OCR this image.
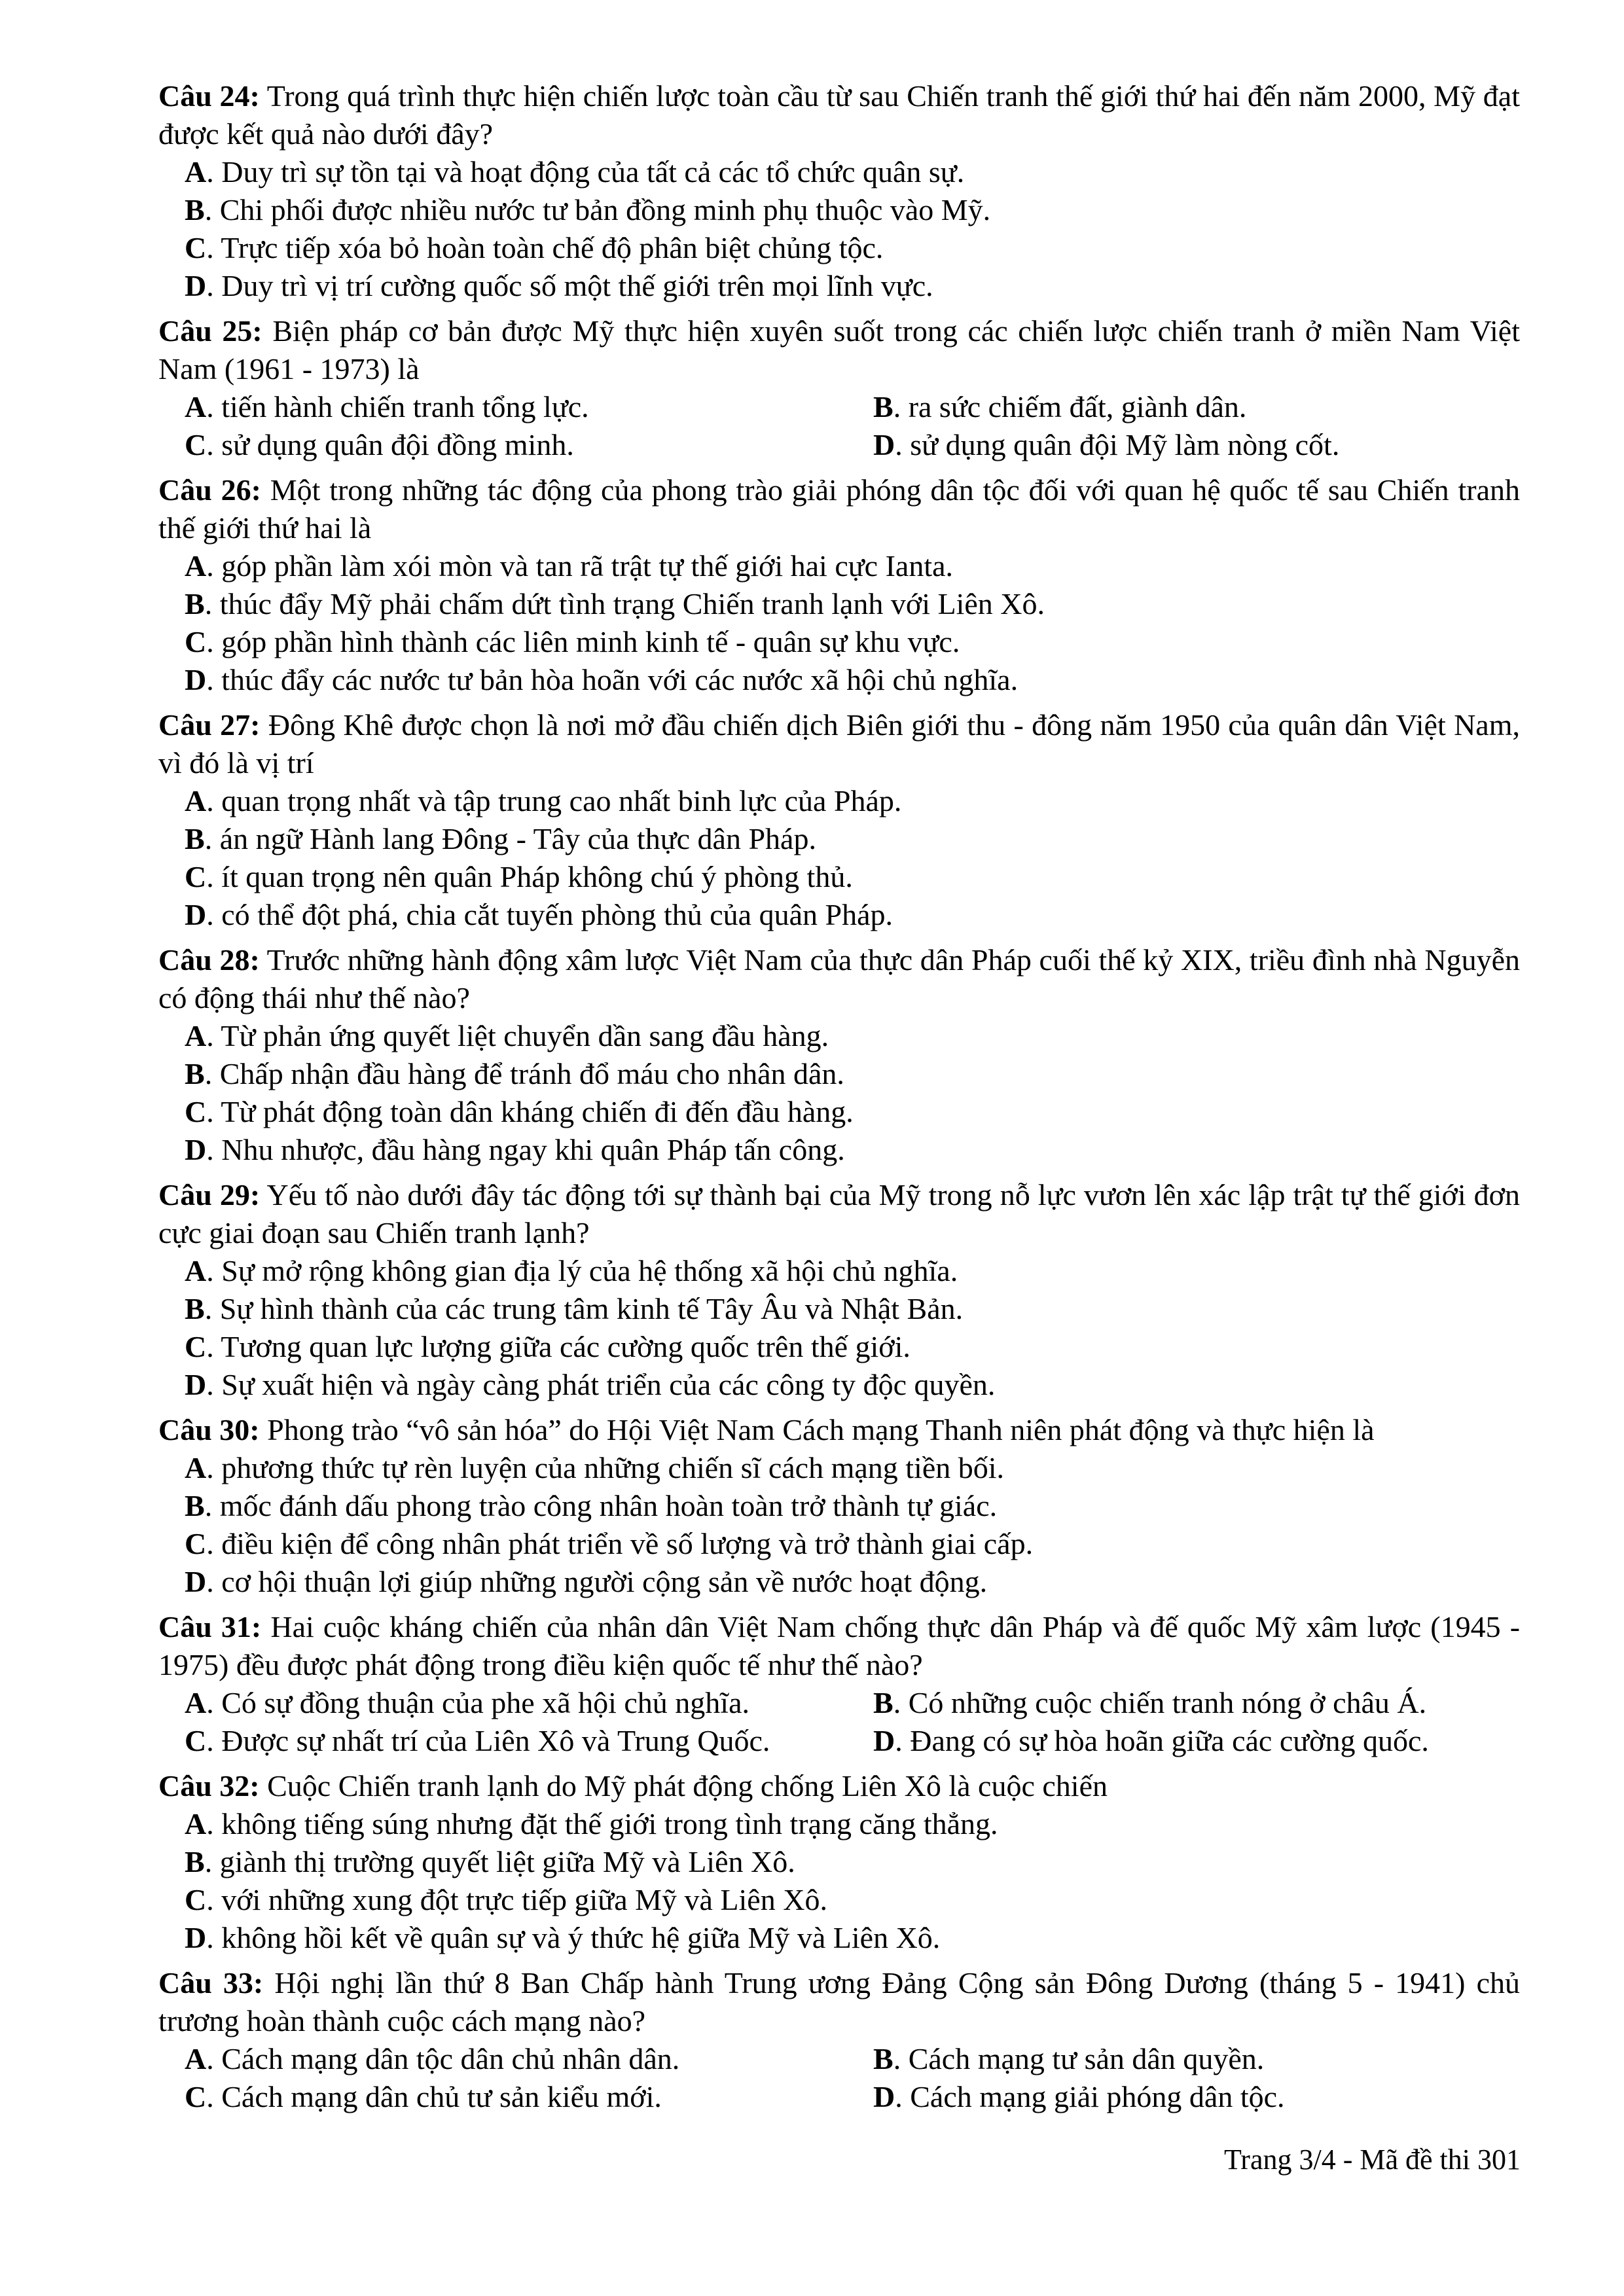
Câu 24: Trong quá trình thực hiện chiến lược toàn cầu từ sau Chiến tranh thế giới thứ hai đến năm 2000, Mỹ đạt được kết quả nào dưới đây?
A. Duy trì sự tồn tại và hoạt động của tất cả các tổ chức quân sự.
B. Chi phối được nhiều nước tư bản đồng minh phụ thuộc vào Mỹ.
C. Trực tiếp xóa bỏ hoàn toàn chế độ phân biệt chủng tộc.
D. Duy trì vị trí cường quốc số một thế giới trên mọi lĩnh vực.
Câu 25: Biện pháp cơ bản được Mỹ thực hiện xuyên suốt trong các chiến lược chiến tranh ở miền Nam Việt Nam (1961 - 1973) là
A. tiến hành chiến tranh tổng lực.	B. ra sức chiếm đất, giành dân.
C. sử dụng quân đội đồng minh.	D. sử dụng quân đội Mỹ làm nòng cốt.
Câu 26: Một trong những tác động của phong trào giải phóng dân tộc đối với quan hệ quốc tế sau Chiến tranh thế giới thứ hai là
A. góp phần làm xói mòn và tan rã trật tự thế giới hai cực Ianta.
B. thúc đẩy Mỹ phải chấm dứt tình trạng Chiến tranh lạnh với Liên Xô.
C. góp phần hình thành các liên minh kinh tế - quân sự khu vực.
D. thúc đẩy các nước tư bản hòa hoãn với các nước xã hội chủ nghĩa.
Câu 27: Đông Khê được chọn là nơi mở đầu chiến dịch Biên giới thu - đông năm 1950 của quân dân Việt Nam, vì đó là vị trí
A. quan trọng nhất và tập trung cao nhất binh lực của Pháp.
B. án ngữ Hành lang Đông - Tây của thực dân Pháp.
C. ít quan trọng nên quân Pháp không chú ý phòng thủ.
D. có thể đột phá, chia cắt tuyến phòng thủ của quân Pháp.
Câu 28: Trước những hành động xâm lược Việt Nam của thực dân Pháp cuối thế kỷ XIX, triều đình nhà Nguyễn có động thái như thế nào?
A. Từ phản ứng quyết liệt chuyển dần sang đầu hàng.
B. Chấp nhận đầu hàng để tránh đổ máu cho nhân dân.
C. Từ phát động toàn dân kháng chiến đi đến đầu hàng.
D. Nhu nhược, đầu hàng ngay khi quân Pháp tấn công.
Câu 29: Yếu tố nào dưới đây tác động tới sự thành bại của Mỹ trong nỗ lực vươn lên xác lập trật tự thế giới đơn cực giai đoạn sau Chiến tranh lạnh?
A. Sự mở rộng không gian địa lý của hệ thống xã hội chủ nghĩa.
B. Sự hình thành của các trung tâm kinh tế Tây Âu và Nhật Bản.
C. Tương quan lực lượng giữa các cường quốc trên thế giới.
D. Sự xuất hiện và ngày càng phát triển của các công ty độc quyền.
Câu 30: Phong trào “vô sản hóa” do Hội Việt Nam Cách mạng Thanh niên phát động và thực hiện là
A. phương thức tự rèn luyện của những chiến sĩ cách mạng tiền bối.
B. mốc đánh dấu phong trào công nhân hoàn toàn trở thành tự giác.
C. điều kiện để công nhân phát triển về số lượng và trở thành giai cấp.
D. cơ hội thuận lợi giúp những người cộng sản về nước hoạt động.
Câu 31: Hai cuộc kháng chiến của nhân dân Việt Nam chống thực dân Pháp và đế quốc Mỹ xâm lược (1945 - 1975) đều được phát động trong điều kiện quốc tế như thế nào?
A. Có sự đồng thuận của phe xã hội chủ nghĩa.	B. Có những cuộc chiến tranh nóng ở châu Á.
C. Được sự nhất trí của Liên Xô và Trung Quốc.	D. Đang có sự hòa hoãn giữa các cường quốc.
Câu 32: Cuộc Chiến tranh lạnh do Mỹ phát động chống Liên Xô là cuộc chiến
A. không tiếng súng nhưng đặt thế giới trong tình trạng căng thẳng.
B. giành thị trường quyết liệt giữa Mỹ và Liên Xô.
C. với những xung đột trực tiếp giữa Mỹ và Liên Xô.
D. không hồi kết về quân sự và ý thức hệ giữa Mỹ và Liên Xô.
Câu 33: Hội nghị lần thứ 8 Ban Chấp hành Trung ương Đảng Cộng sản Đông Dương (tháng 5 - 1941) chủ trương hoàn thành cuộc cách mạng nào?
A. Cách mạng dân tộc dân chủ nhân dân.	B. Cách mạng tư sản dân quyền.
C. Cách mạng dân chủ tư sản kiểu mới.	D. Cách mạng giải phóng dân tộc.
Trang 3/4 - Mã đề thi 301
